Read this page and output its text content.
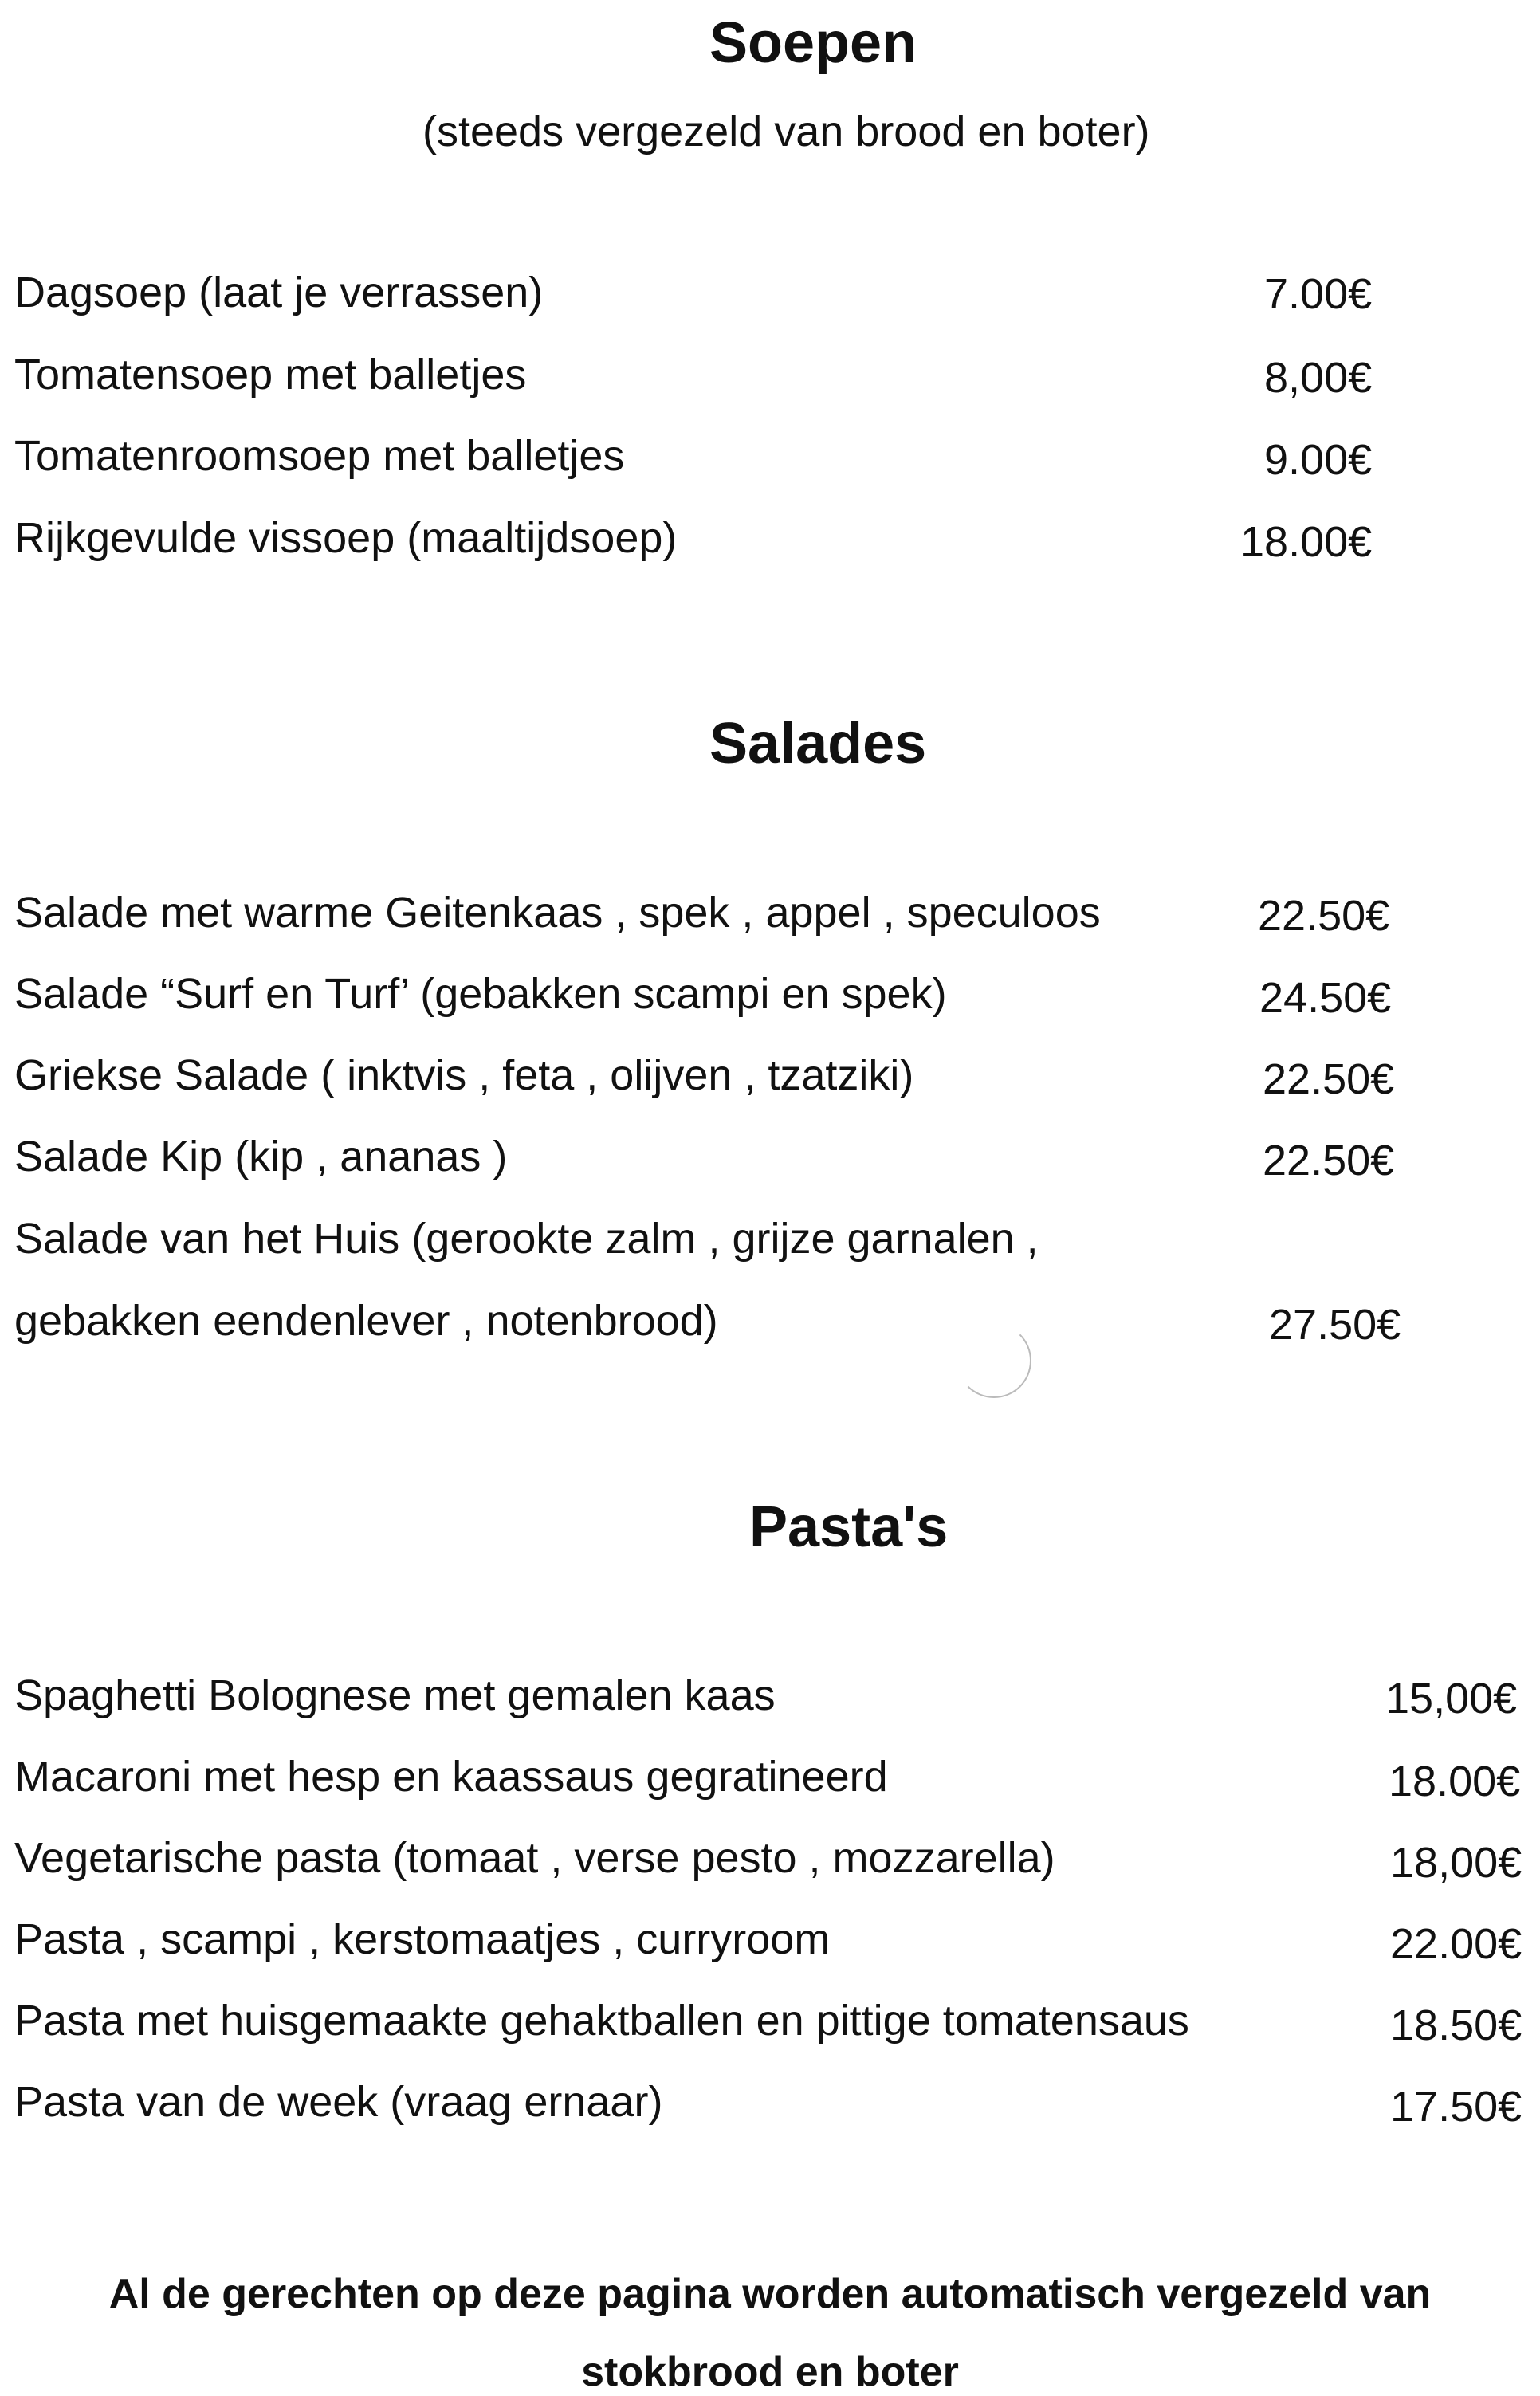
Soepen
(steeds vergezeld van brood en boter)
Dagsoep (laat je verrassen)	7.00€
Tomatensoep met balletjes	8,00€
Tomatenroomsoep met balletjes	9.00€
Rijkgevulde vissoep (maaltijdsoep)	18.00€
Salades
Salade met warme Geitenkaas , spek , appel , speculoos	22.50€
Salade “Surf en Turf’ (gebakken scampi en spek)	24.50€
Griekse Salade ( inktvis , feta , olijven , tzatziki)	22.50€
Salade Kip (kip , ananas )	22.50€
Salade van het Huis (gerookte zalm , grijze garnalen ,
gebakken eendenlever , notenbrood)	27.50€
Pasta's
Spaghetti Bolognese met gemalen kaas	15,00€
Macaroni met hesp en kaassaus gegratineerd	18.00€
Vegetarische pasta (tomaat , verse pesto , mozzarella)	18,00€
Pasta , scampi , kerstomaatjes , curryroom	22.00€
Pasta met huisgemaakte gehaktballen en pittige tomatensaus	18.50€
Pasta van de week (vraag ernaar)	17.50€
Al de gerechten op deze pagina worden automatisch vergezeld van
stokbrood en boter
